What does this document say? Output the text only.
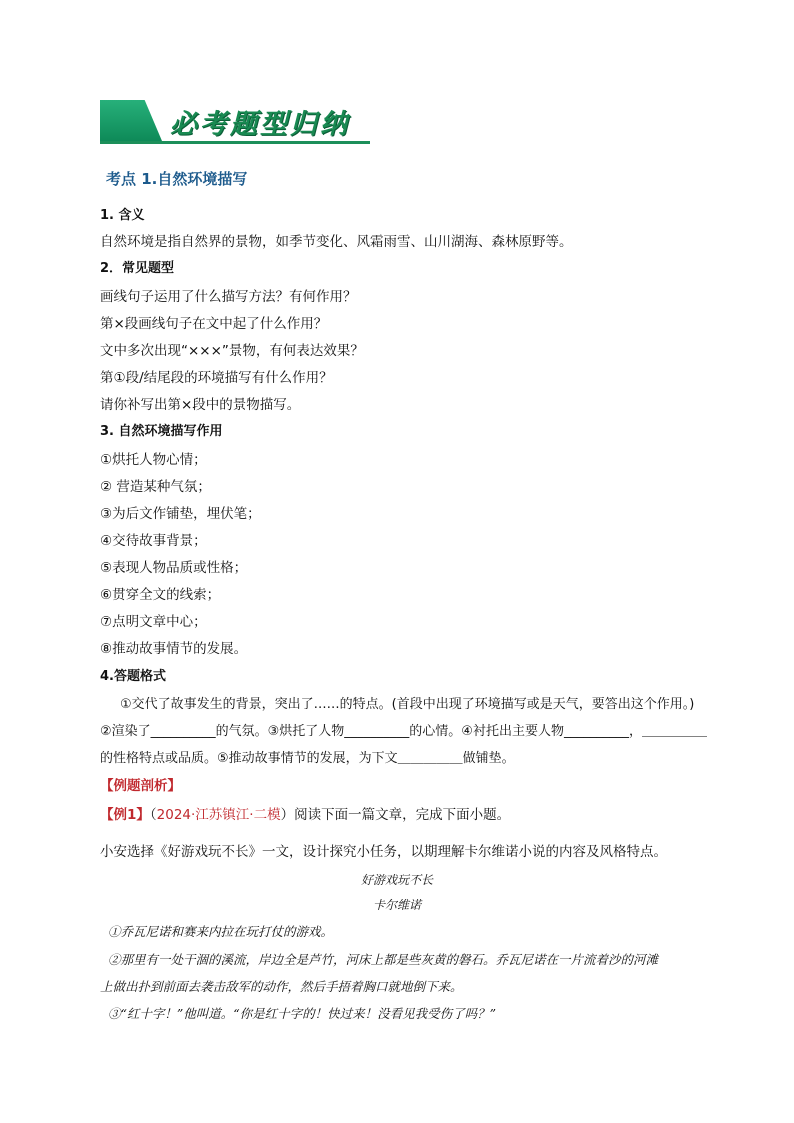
必考题型归纳
考点 1.自然环境描写
1. 含义
自然环境是指自然界的景物，如季节变化、风霜雨雪、山川湖海、森林原野等。
2．常见题型
画线句子运用了什么描写方法？有何作用？
第×段画线句子在文中起了什么作用？
文中多次出现“×××”景物，有何表达效果？
第①段/结尾段的环境描写有什么作用？
请你补写出第×段中的景物描写。
3. 自然环境描写作用
①烘托人物心情；
② 营造某种气氛；
③为后文作铺垫，埋伏笔；
④交待故事背景；
⑤表现人物品质或性格；
⑥贯穿全文的线索；
⑦点明文章中心；
⑧推动故事情节的发展。
4.答题格式
①交代了故事发生的背景，突出了……的特点。(首段中出现了环境描写或是天气，要答出这个作用。)
②渲染了__________的气氛。③烘托了人物__________的心情。④衬托出主要人物__________，＿＿＿＿＿
的性格特点或品质。⑤推动故事情节的发展，为下文＿＿＿＿＿做铺垫。
【例题剖析】
【例1】（2024·江苏镇江·二模）阅读下面一篇文章，完成下面小题。
小安选择《好游戏玩不长》一文，设计探究小任务，以期理解卡尔维诺小说的内容及风格特点。
好游戏玩不长
卡尔维诺
①乔瓦尼诺和赛来内拉在玩打仗的游戏。
②那里有一处干涸的溪流，岸边全是芦竹，河床上都是些灰黄的磐石。乔瓦尼诺在一片流着沙的河滩
上做出扑到前面去袭击敌军的动作，然后手捂着胸口就地倒下来。
③“红十字！”他叫道。“你是红十字的！快过来！没看见我受伤了吗？”
